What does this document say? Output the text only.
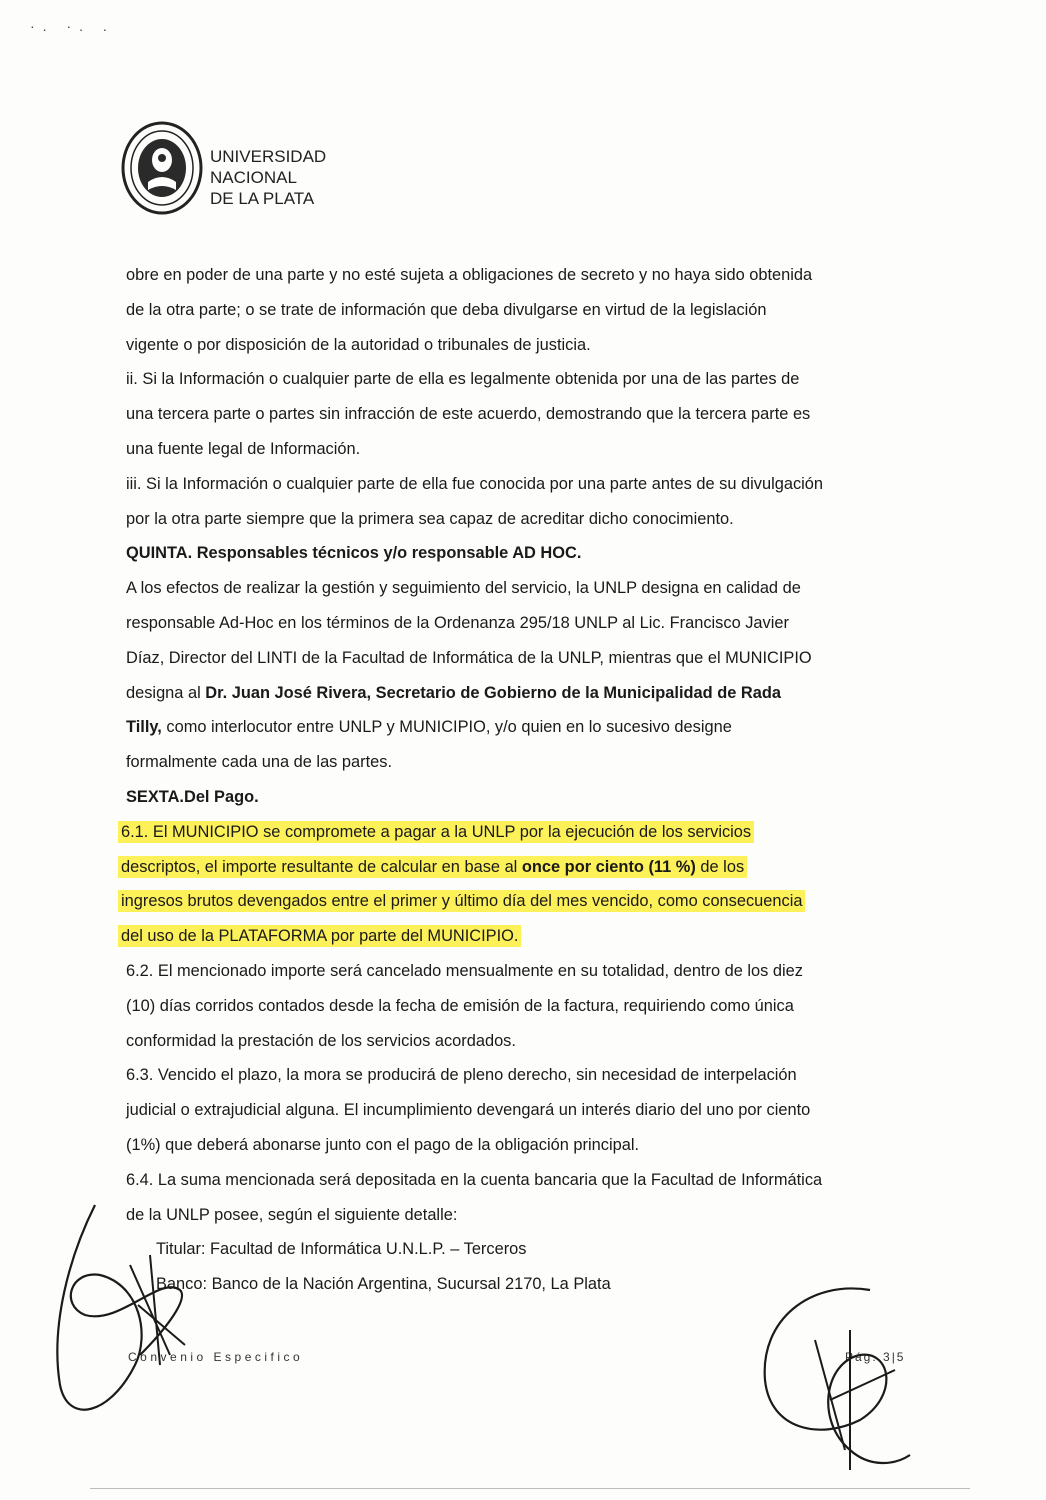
·. ·. .
UNIVERSIDAD
NACIONAL
DE LA PLATA
obre en poder de una parte y no esté sujeta a obligaciones de secreto y no haya sido obtenida
de la otra parte; o se trate de información que deba divulgarse en virtud de la legislación
vigente o por disposición de la autoridad o tribunales de justicia.
ii. Si la Información o cualquier parte de ella es legalmente obtenida por una de las partes de
una tercera parte o partes sin infracción de este acuerdo, demostrando que la tercera parte es
una fuente legal de Información.
iii. Si la Información o cualquier parte de ella fue conocida por una parte antes de su divulgación
por la otra parte siempre que la primera sea capaz de acreditar dicho conocimiento.
QUINTA. Responsables técnicos y/o responsable AD HOC.
A los efectos de realizar la gestión y seguimiento del servicio, la UNLP designa en calidad de
responsable Ad-Hoc en los términos de la Ordenanza 295/18 UNLP al Lic. Francisco Javier
Díaz, Director del LINTI de la Facultad de Informática de la UNLP, mientras que el MUNICIPIO
designa al Dr. Juan José Rivera, Secretario de Gobierno de la Municipalidad de Rada
Tilly, como interlocutor entre UNLP y MUNICIPIO, y/o quien en lo sucesivo designe
formalmente cada una de las partes.
SEXTA.Del Pago.
6.1. El MUNICIPIO se compromete a pagar a la UNLP por la ejecución de los servicios
descriptos, el importe resultante de calcular en base al once por ciento (11 %) de los
ingresos brutos devengados entre el primer y último día del mes vencido, como consecuencia
del uso de la PLATAFORMA por parte del MUNICIPIO.
6.2. El mencionado importe será cancelado mensualmente en su totalidad, dentro de los diez
(10) días corridos contados desde la fecha de emisión de la factura, requiriendo como única
conformidad la prestación de los servicios acordados.
6.3. Vencido el plazo, la mora se producirá de pleno derecho, sin necesidad de interpelación
judicial o extrajudicial alguna. El incumplimiento devengará un interés diario del uno por ciento
(1%) que deberá abonarse junto con el pago de la obligación principal.
6.4. La suma mencionada será depositada en la cuenta bancaria que la Facultad de Informática
de la UNLP posee, según el siguiente detalle:
Titular: Facultad de Informática U.N.L.P. – Terceros
Banco: Banco de la Nación Argentina, Sucursal 2170, La Plata
Convenio Especifico	Pág. 3|5
